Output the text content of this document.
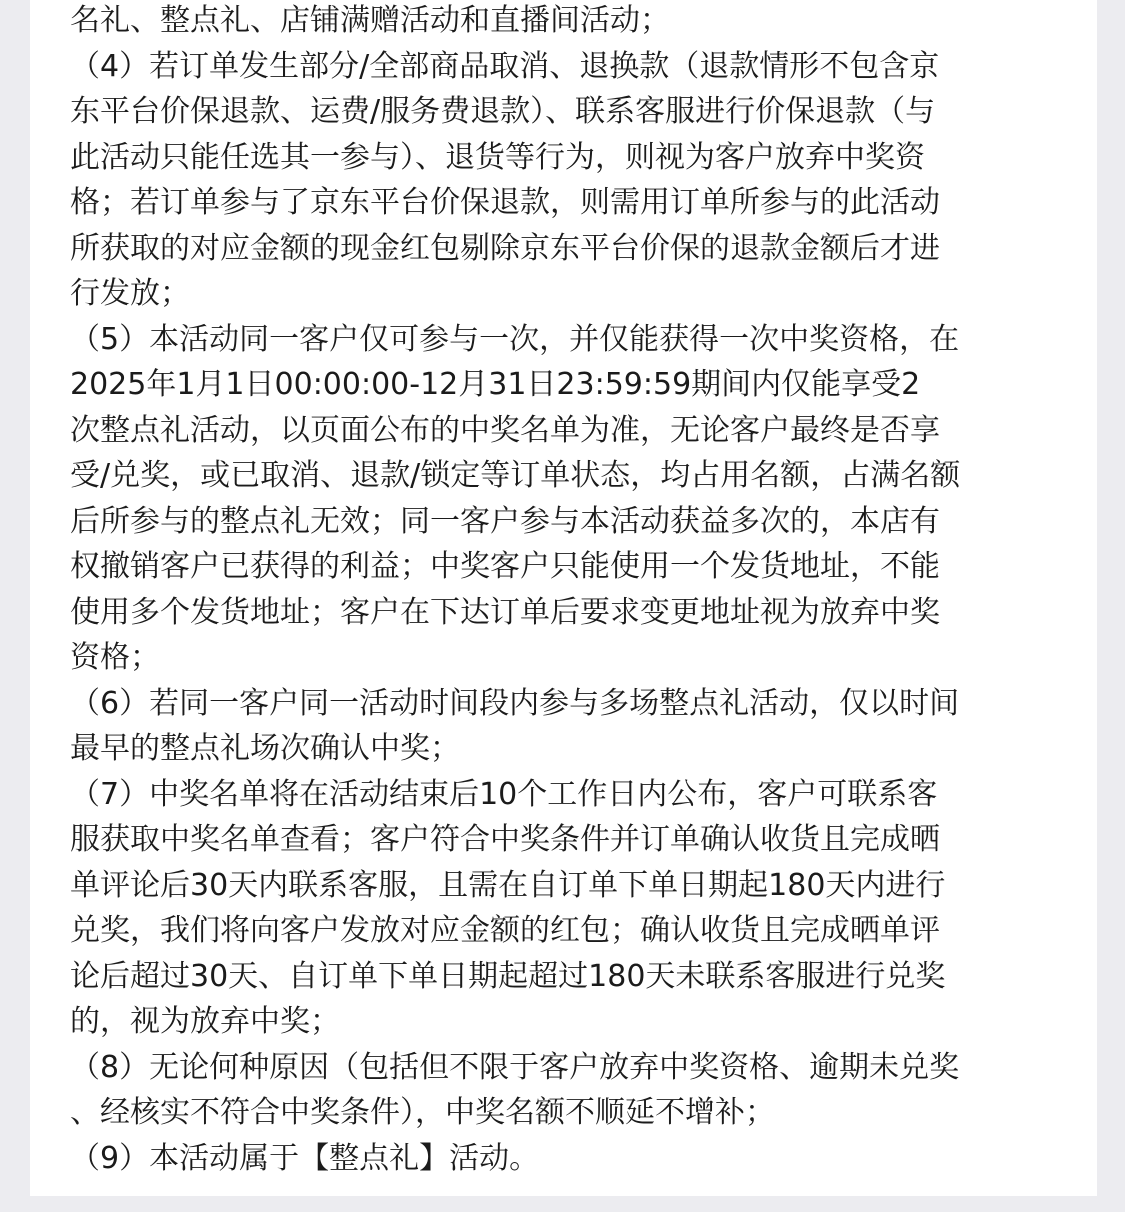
名礼、整点礼、店铺满赠活动和直播间活动；
（4）若订单发生部分/全部商品取消、退换款（退款情形不包含京
东平台价保退款、运费/服务费退款）、联系客服进行价保退款（与
此活动只能任选其一参与）、退货等行为，则视为客户放弃中奖资
格；若订单参与了京东平台价保退款，则需用订单所参与的此活动
所获取的对应金额的现金红包剔除京东平台价保的退款金额后才进
行发放；
（5）本活动同一客户仅可参与一次，并仅能获得一次中奖资格，在
2025年1月1日00:00:00-12月31日23:59:59期间内仅能享受2
次整点礼活动，以页面公布的中奖名单为准，无论客户最终是否享
受/兑奖，或已取消、退款/锁定等订单状态，均占用名额，占满名额
后所参与的整点礼无效；同一客户参与本活动获益多次的，本店有
权撤销客户已获得的利益；中奖客户只能使用一个发货地址，不能
使用多个发货地址；客户在下达订单后要求变更地址视为放弃中奖
资格；
（6）若同一客户同一活动时间段内参与多场整点礼活动，仅以时间
最早的整点礼场次确认中奖；
（7）中奖名单将在活动结束后10个工作日内公布，客户可联系客
服获取中奖名单查看；客户符合中奖条件并订单确认收货且完成晒
单评论后30天内联系客服，且需在自订单下单日期起180天内进行
兑奖，我们将向客户发放对应金额的红包；确认收货且完成晒单评
论后超过30天、自订单下单日期起超过180天未联系客服进行兑奖
的，视为放弃中奖；
（8）无论何种原因（包括但不限于客户放弃中奖资格、逾期未兑奖
、经核实不符合中奖条件），中奖名额不顺延不增补；
（9）本活动属于【整点礼】活动。
